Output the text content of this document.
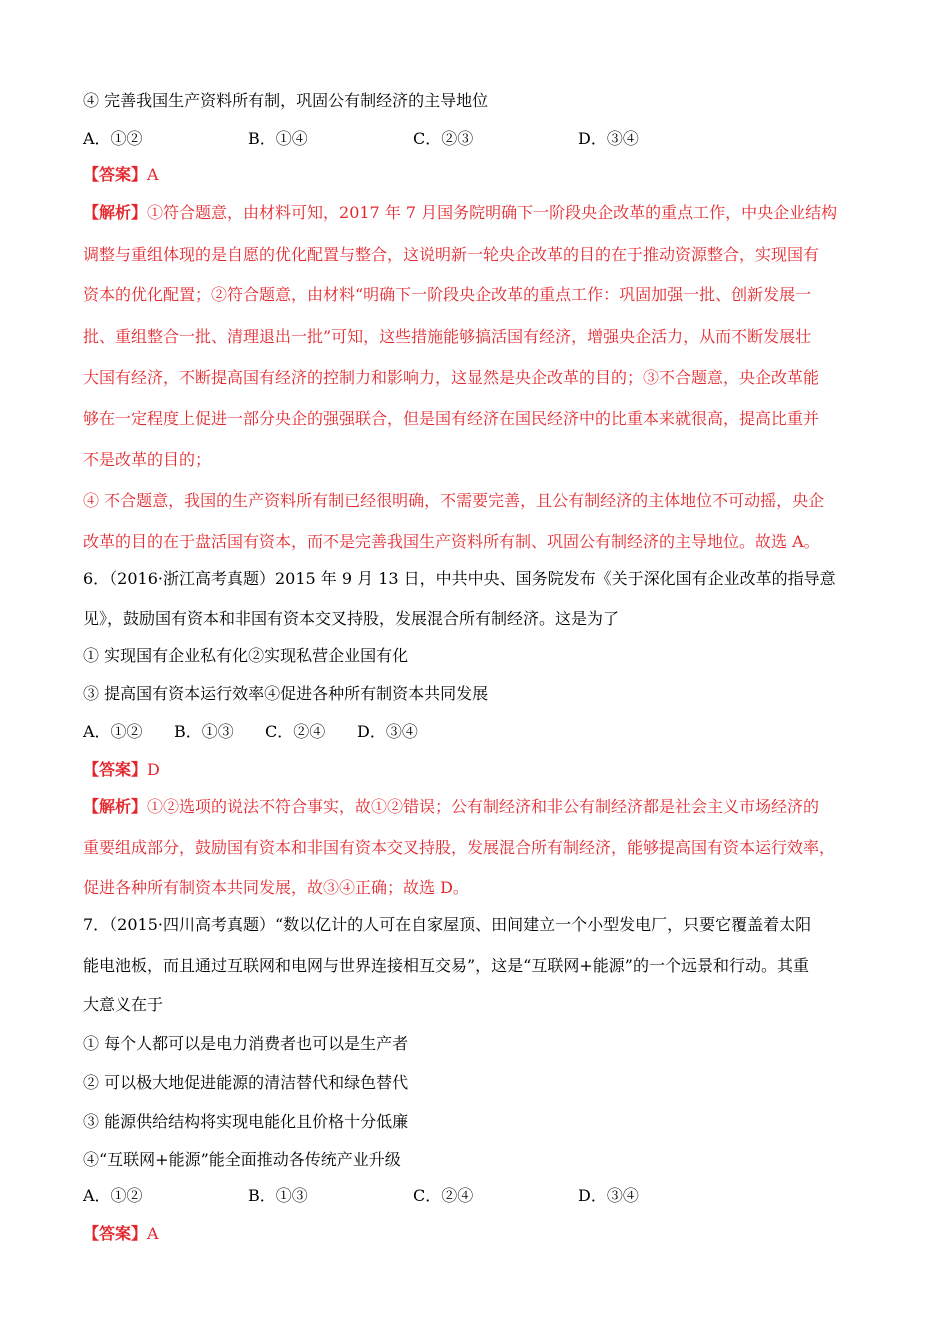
④ 完善我国生产资料所有制，巩固公有制经济的主导地位
A．①②	B．①④	C．②③	D．③④
【答案】A
【解析】①符合题意，由材料可知，2017 年 7 月国务院明确下一阶段央企改革的重点工作，中央企业结构
调整与重组体现的是自愿的优化配置与整合，这说明新一轮央企改革的目的在于推动资源整合，实现国有
资本的优化配置；②符合题意，由材料“明确下一阶段央企改革的重点工作：巩固加强一批、创新发展一
批、重组整合一批、清理退出一批”可知，这些措施能够搞活国有经济，增强央企活力，从而不断发展壮
大国有经济，不断提高国有经济的控制力和影响力，这显然是央企改革的目的；③不合题意，央企改革能
够在一定程度上促进一部分央企的强强联合，但是国有经济在国民经济中的比重本来就很高，提高比重并
不是改革的目的；
④ 不合题意，我国的生产资料所有制已经很明确，不需要完善，且公有制经济的主体地位不可动摇，央企
改革的目的在于盘活国有资本，而不是完善我国生产资料所有制、巩固公有制经济的主导地位。故选 A。
6．（2016·浙江高考真题）2015 年 9 月 13 日，中共中央、国务院发布《关于深化国有企业改革的指导意
见》，鼓励国有资本和非国有资本交叉持股，发展混合所有制经济。这是为了
① 实现国有企业私有化②实现私营企业国有化
③ 提高国有资本运行效率④促进各种所有制资本共同发展
A．①② B．①③ C．②④ D．③④
【答案】D
【解析】①②选项的说法不符合事实，故①②错误；公有制经济和非公有制经济都是社会主义市场经济的
重要组成部分，鼓励国有资本和非国有资本交叉持股，发展混合所有制经济，能够提高国有资本运行效率，
促进各种所有制资本共同发展，故③④正确；故选 D。
7．（2015·四川高考真题）“数以亿计的人可在自家屋顶、田间建立一个小型发电厂，只要它覆盖着太阳
能电池板，而且通过互联网和电网与世界连接相互交易”，这是“互联网+能源”的一个远景和行动。其重
大意义在于
① 每个人都可以是电力消费者也可以是生产者
② 可以极大地促进能源的清洁替代和绿色替代
③ 能源供给结构将实现电能化且价格十分低廉
④“互联网+能源”能全面推动各传统产业升级
A．①②	B．①③	C．②④	D．③④
【答案】A
